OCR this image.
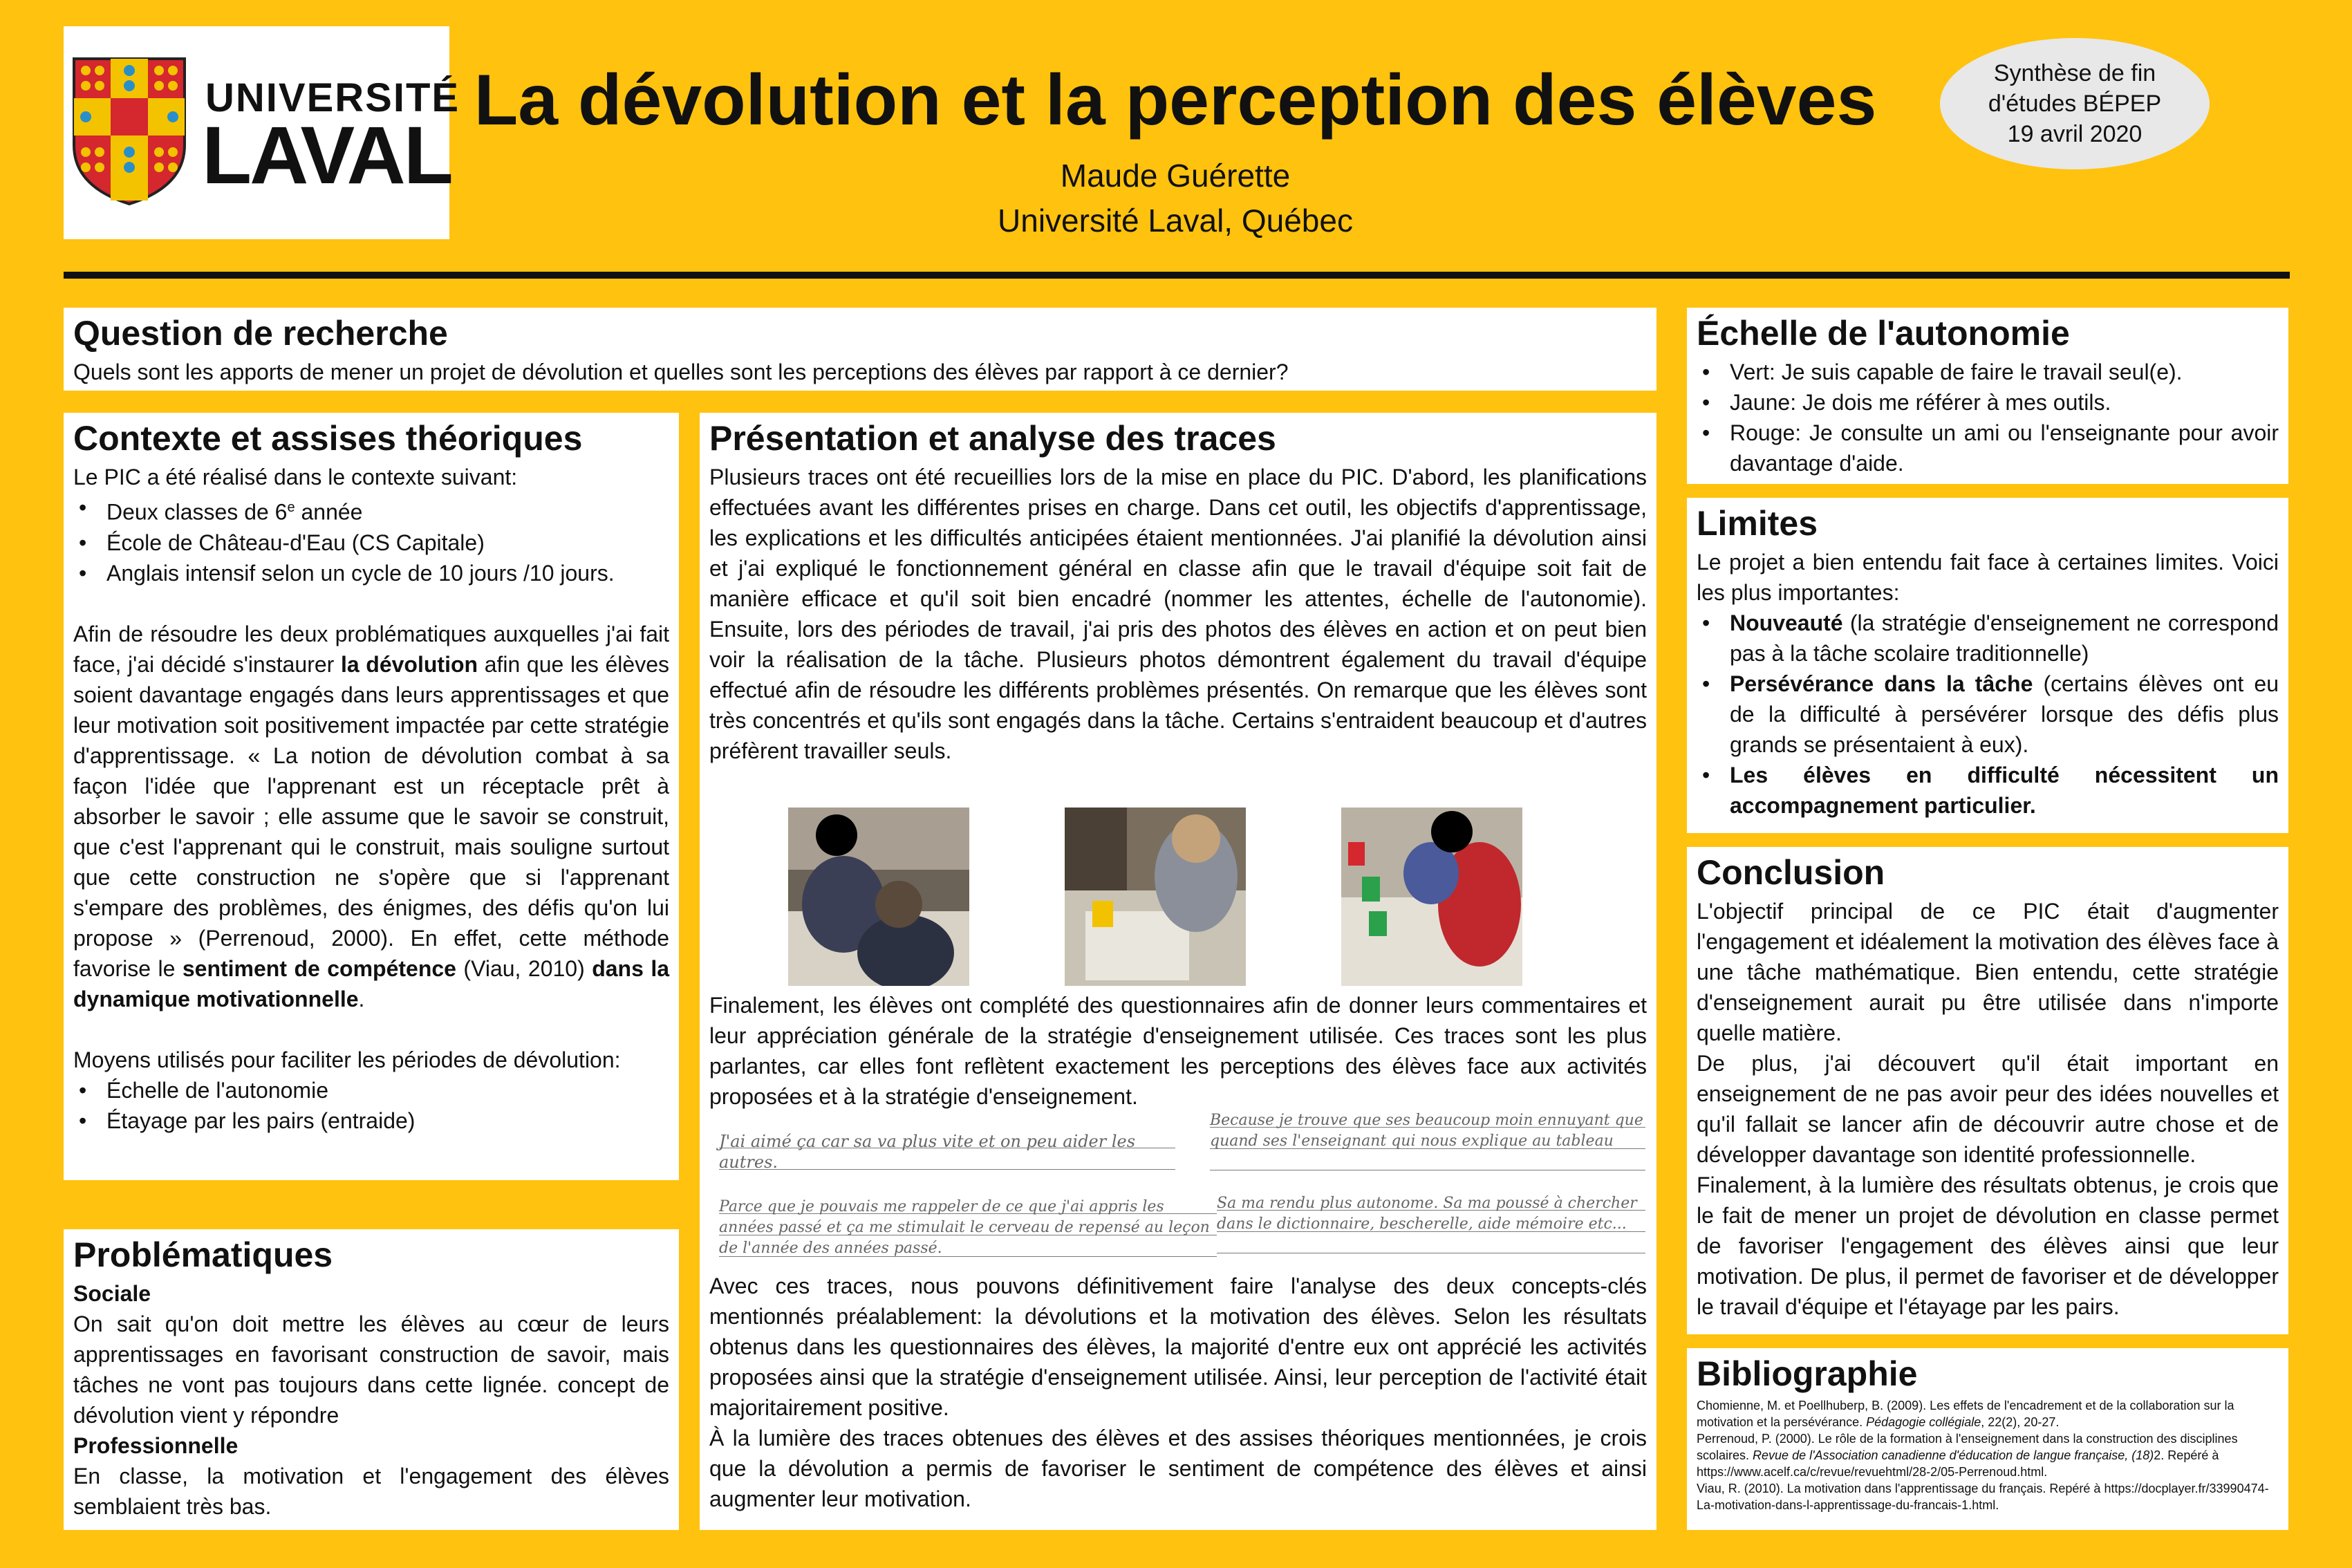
UNIVERSITÉ
LAVAL
La dévolution et la perception des élèves
Maude Guérette
Université Laval, Québec
Synthèse de fin
d'études BÉPEP
19 avril 2020
Question de recherche
Quels sont les apports de mener un projet de dévolution et quelles sont les perceptions des élèves par rapport à ce dernier?
Contexte et assises théoriques

Le PIC a été réalisé dans le contexte suivant:

• Deux classes de 6e année
• École de Château-d'Eau (CS Capitale)
• Anglais intensif selon un cycle de 10 jours /10 jours.

Afin de résoudre les deux problématiques auxquelles j'ai fait face, j'ai décidé s'instaurer la dévolution afin que les élèves soient davantage engagés dans leurs apprentissages et que leur motivation soit positivement impactée par cette stratégie d'apprentissage. « La notion de dévolution combat à sa façon l'idée que l'apprenant est un réceptacle prêt à absorber le savoir ; elle assume que le savoir se construit, que c'est l'apprenant qui le construit, mais souligne surtout que cette construction ne s'opère que si l'apprenant s'empare des problèmes, des énigmes, des défis qu'on lui propose » (Perrenoud, 2000). En effet, cette méthode favorise le sentiment de compétence (Viau, 2010) dans la dynamique motivationnelle.

Moyens utilisés pour faciliter les périodes de dévolution:

• Échelle de l'autonomie
• Étayage par les pairs (entraide)
Problématiques
Sociale

On sait qu'on doit mettre les élèves au cœur de leurs apprentissages en favorisant construction de savoir, mais tâches ne vont pas toujours dans cette lignée. concept de dévolution vient y répondre

Professionnelle

En classe, la motivation et l'engagement des élèves semblaient très bas.

Présentation et analyse des traces
Plusieurs traces ont été recueillies lors de la mise en place du PIC. D'abord, les planifications effectuées avant les différentes prises en charge. Dans cet outil, les objectifs d'apprentissage, les explications et les difficultés anticipées étaient mentionnées. J'ai planifié la dévolution ainsi et j'ai expliqué le fonctionnement général en classe afin que le travail d'équipe soit fait de manière efficace et qu'il soit bien encadré (nommer les attentes, échelle de l'autonomie). Ensuite, lors des périodes de travail, j'ai pris des photos des élèves en action et on peut bien voir la réalisation de la tâche. Plusieurs photos démontrent également du travail d'équipe effectué afin de résoudre les différents problèmes présentés. On remarque que les élèves sont très concentrés et qu'ils sont engagés dans la tâche. Certains s'entraident beaucoup et d'autres préfèrent travailler seuls.
Finalement, les élèves ont complété des questionnaires afin de donner leurs commentaires et leur appréciation générale de la stratégie d'enseignement utilisée. Ces traces sont les plus parlantes, car elles font reflètent exactement les perceptions des élèves face aux activités proposées et à la stratégie d'enseignement.
J'ai aimé ça car sa va plus vite et on peu aider les autres.
Parce que je pouvais me rappeler de ce que j'ai appris les années passé et ça me stimulait le cerveau de repensé au leçon de l'année des années passé.
Because je trouve que ses beaucoup moin ennuyant que quand ses l'enseignant qui nous explique au tableau
Sa ma rendu plus autonome. Sa ma poussé à chercher dans le dictionnaire, bescherelle, aide mémoire etc...
Avec ces traces, nous pouvons définitivement faire l'analyse des deux concepts-clés mentionnés préalablement: la dévolutions et la motivation des élèves. Selon les résultats obtenus dans les questionnaires des élèves, la majorité d'entre eux ont apprécié les activités proposées ainsi que la stratégie d'enseignement utilisée. Ainsi, leur perception de l'activité était majoritairement positive.
À la lumière des traces obtenues des élèves et des assises théoriques mentionnées, je crois que la dévolution a permis de favoriser le sentiment de compétence des élèves et ainsi augmenter leur motivation.
Échelle de l'autonomie
• Vert: Je suis capable de faire le travail seul(e).
• Jaune: Je dois me référer à mes outils.
• Rouge: Je consulte un ami ou l'enseignante pour avoir davantage d'aide.
Limites
Le projet a bien entendu fait face à certaines limites. Voici les plus importantes:
• Nouveauté (la stratégie d'enseignement ne correspond pas à la tâche scolaire traditionnelle)
• Persévérance dans la tâche (certains élèves ont eu de la difficulté à persévérer lorsque des défis plus grands se présentaient à eux).
• Les élèves en difficulté nécessitent un accompagnement particulier.
Conclusion

L'objectif principal de ce PIC était d'augmenter l'engagement et idéalement la motivation des élèves face à une tâche mathématique. Bien entendu, cette stratégie d'enseignement aurait pu être utilisée dans n'importe quelle matière.

De plus, j'ai découvert qu'il était important en enseignement de ne pas avoir peur des idées nouvelles et qu'il fallait se lancer afin de découvrir autre chose et de développer davantage son identité professionnelle.

Finalement, à la lumière des résultats obtenus, je crois que le fait de mener un projet de dévolution en classe permet de favoriser l'engagement des élèves ainsi que leur motivation. De plus, il permet de favoriser et de développer le travail d'équipe et l'étayage par les pairs.

Bibliographie
Chomienne, M. et Poellhuberp, B. (2009). Les effets de l'encadrement et de la collaboration sur la motivation et la persévérance. Pédagogie collégiale, 22(2), 20-27.
Perrenoud, P. (2000). Le rôle de la formation à l'enseignement dans la construction des disciplines scolaires. Revue de l'Association canadienne d'éducation de langue française, (18)2. Repéré à https://www.acelf.ca/c/revue/revuehtml/28-2/05-Perrenoud.html.
Viau, R. (2010). La motivation dans l'apprentissage du français. Repéré à https://docplayer.fr/33990474-La-motivation-dans-l-apprentissage-du-francais-1.html.
